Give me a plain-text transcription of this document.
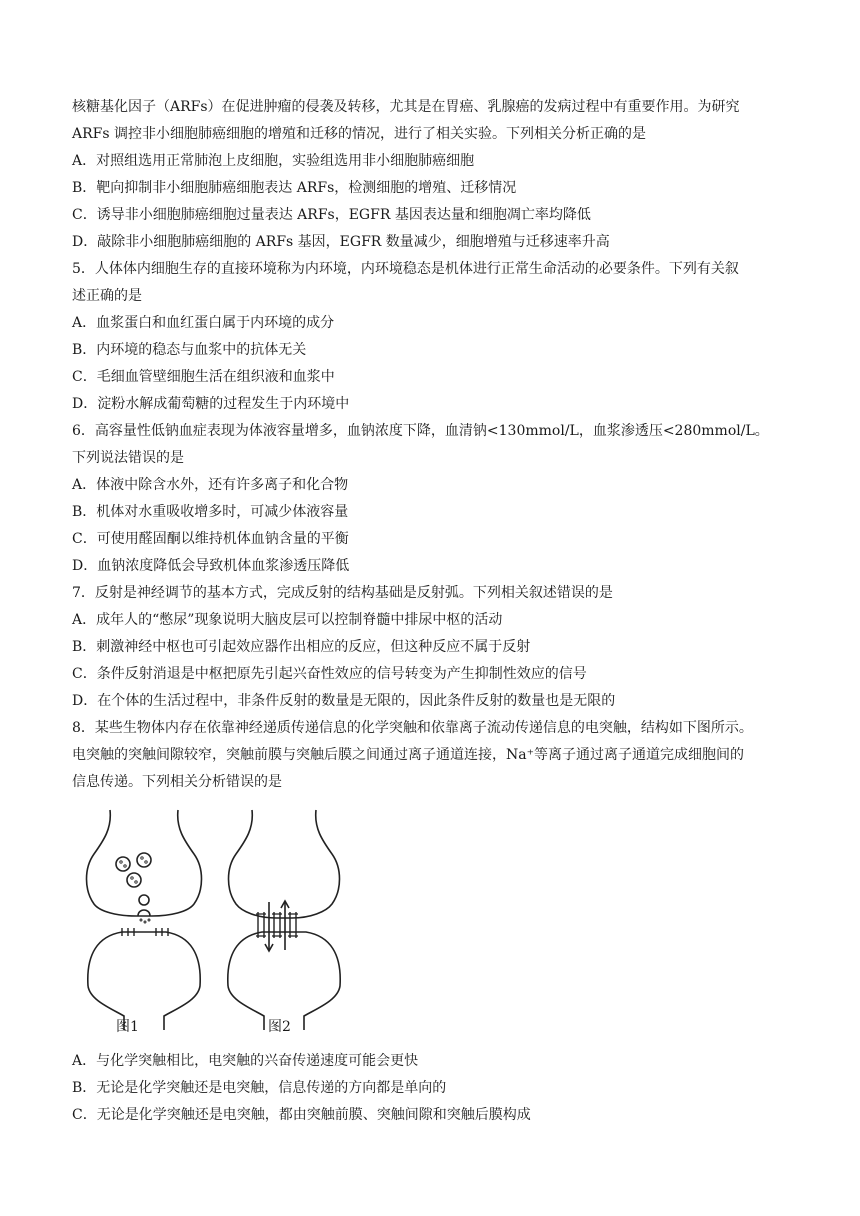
核糖基化因子（ARFs）在促进肿瘤的侵袭及转移，尤其是在胃癌、乳腺癌的发病过程中有重要作用。为研究
ARFs 调控非小细胞肺癌细胞的增殖和迁移的情况，进行了相关实验。下列相关分析正确的是
A．对照组选用正常肺泡上皮细胞，实验组选用非小细胞肺癌细胞
B．靶向抑制非小细胞肺癌细胞表达 ARFs，检测细胞的增殖、迁移情况
C．诱导非小细胞肺癌细胞过量表达 ARFs，EGFR 基因表达量和细胞凋亡率均降低
D．敲除非小细胞肺癌细胞的 ARFs 基因，EGFR 数量减少，细胞增殖与迁移速率升高
5．人体体内细胞生存的直接环境称为内环境，内环境稳态是机体进行正常生命活动的必要条件。下列有关叙
述正确的是
A．血浆蛋白和血红蛋白属于内环境的成分
B．内环境的稳态与血浆中的抗体无关
C．毛细血管壁细胞生活在组织液和血浆中
D．淀粉水解成葡萄糖的过程发生于内环境中
6．高容量性低钠血症表现为体液容量增多，血钠浓度下降，血清钠<130mmol/L，血浆渗透压<280mmol/L。
下列说法错误的是
A．体液中除含水外，还有许多离子和化合物
B．机体对水重吸收增多时，可减少体液容量
C．可使用醛固酮以维持机体血钠含量的平衡
D．血钠浓度降低会导致机体血浆渗透压降低
7．反射是神经调节的基本方式，完成反射的结构基础是反射弧。下列相关叙述错误的是
A．成年人的“憋尿”现象说明大脑皮层可以控制脊髓中排尿中枢的活动
B．刺激神经中枢也可引起效应器作出相应的反应，但这种反应不属于反射
C．条件反射消退是中枢把原先引起兴奋性效应的信号转变为产生抑制性效应的信号
D．在个体的生活过程中，非条件反射的数量是无限的，因此条件反射的数量也是无限的
8．某些生物体内存在依靠神经递质传递信息的化学突触和依靠离子流动传递信息的电突触，结构如下图所示。
电突触的突触间隙较窄，突触前膜与突触后膜之间通过离子通道连接，Na⁺等离子通过离子通道完成细胞间的
信息传递。下列相关分析错误的是
图1	图2
A．与化学突触相比，电突触的兴奋传递速度可能会更快
B．无论是化学突触还是电突触，信息传递的方向都是单向的
C．无论是化学突触还是电突触，都由突触前膜、突触间隙和突触后膜构成
